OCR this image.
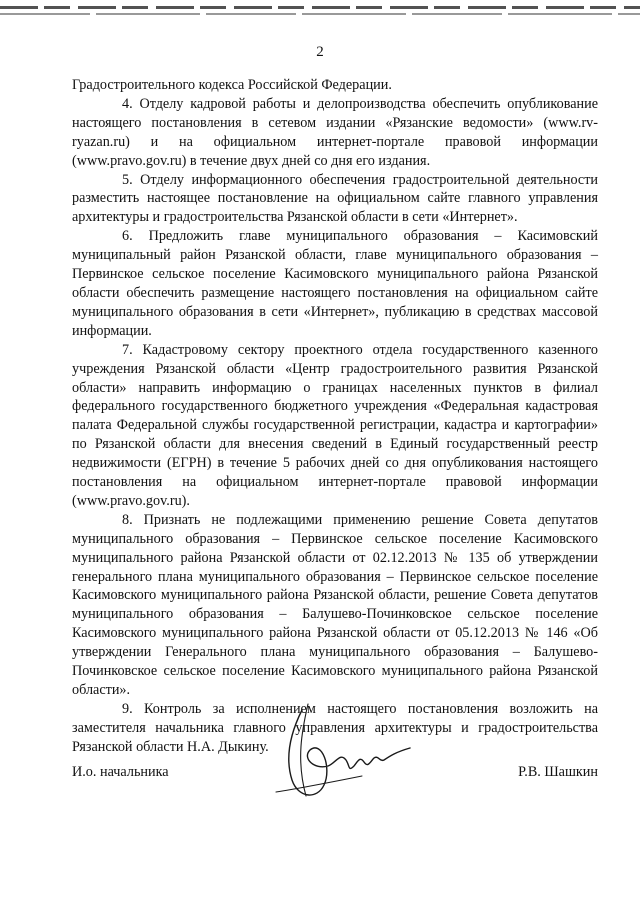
2

Градостроительного кодекса Российской Федерации.

4. Отделу кадровой работы и делопроизводства обеспечить опубликование настоящего постановления в сетевом издании «Рязанские ведомости» (www.rv-ryazan.ru) и на официальном интернет-портале правовой информации (www.pravo.gov.ru) в течение двух дней со дня его издания.

5. Отделу информационного обеспечения градостроительной деятельности разместить настоящее постановление на официальном сайте главного управления архитектуры и градостроительства Рязанской области в сети «Интернет».

6. Предложить главе муниципального образования – Касимовский муниципальный район Рязанской области, главе муниципального образования – Первинское сельское поселение Касимовского муниципального района Рязанской области обеспечить размещение настоящего постановления на официальном сайте муниципального образования в сети «Интернет», публикацию в средствах массовой информации.

7. Кадастровому сектору проектного отдела государственного казенного учреждения Рязанской области «Центр градостроительного развития Рязанской области» направить информацию о границах населенных пунктов в филиал федерального государственного бюджетного учреждения «Федеральная кадастровая палата Федеральной службы государственной регистрации, кадастра и картографии» по Рязанской области для внесения сведений в Единый государственный реестр недвижимости (ЕГРН) в течение 5 рабочих дней со дня опубликования настоящего постановления на официальном интернет-портале правовой информации (www.pravo.gov.ru).

8. Признать не подлежащими применению решение Совета депутатов муниципального образования – Первинское сельское поселение Касимовского муниципального района Рязанской области от 02.12.2013 № 135 об утверждении генерального плана муниципального образования – Первинское сельское поселение Касимовского муниципального района Рязанской области, решение Совета депутатов муниципального образования – Балушево-Починковское сельское поселение Касимовского муниципального района Рязанской области от 05.12.2013 № 146 «Об утверждении Генерального плана муниципального образования – Балушево-Починковское сельское поселение Касимовского муниципального района Рязанской области».

9. Контроль за исполнением настоящего постановления возложить на заместителя начальника главного управления архитектуры и градостроительства Рязанской области Н.А. Дыкину.

И.о. начальника	Р.В. Шашкин
